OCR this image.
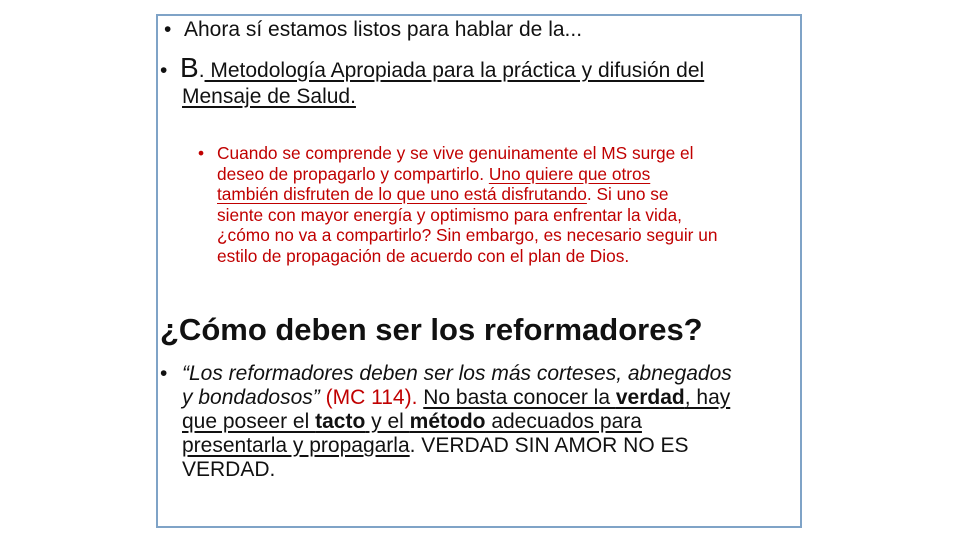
• Ahora sí estamos listos para hablar de la...
• B. Metodología Apropiada para la práctica y difusión del
Mensaje de Salud.
• Cuando se comprende y se vive genuinamente el MS surge el
deseo de propagarlo y compartirlo. Uno quiere que otros
también disfruten de lo que uno está disfrutando. Si uno se
siente con mayor energía y optimismo para enfrentar la vida,
¿cómo no va a compartirlo? Sin embargo, es necesario seguir un
estilo de propagación de acuerdo con el plan de Dios.
¿Cómo deben ser los reformadores?
• “Los reformadores deben ser los más corteses, abnegados
y bondadosos” (MC 114). No basta conocer la verdad, hay
que poseer el tacto y el método adecuados para
presentarla y propagarla. VERDAD SIN AMOR NO ES
VERDAD.
